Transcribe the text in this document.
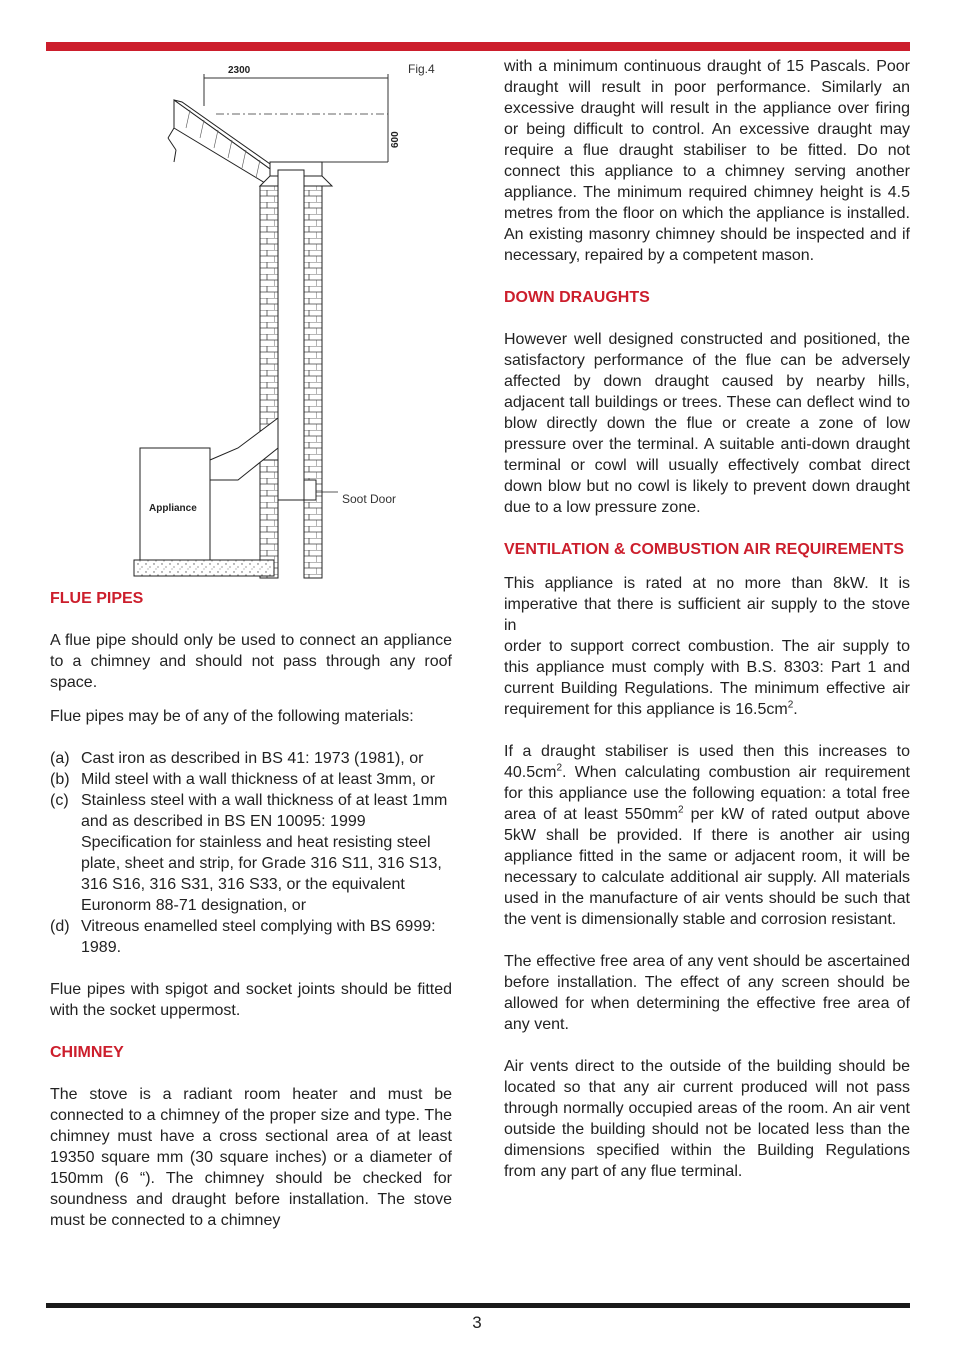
2300	Fig.4
600
Appliance
Soot Door
FLUE PIPES

A flue pipe should only be used to connect an appliance to a chimney and should not pass through any roof space.

Flue pipes may be of any of the following materials:

(a) Cast iron as described in BS 41: 1973 (1981), or
(b) Mild steel with a wall thickness of at least 3mm, or
(c) Stainless steel with a wall thickness of at least 1mm and as described in BS EN 10095: 1999 Specification for stainless and heat resisting steel plate, sheet and strip, for Grade 316 S11, 316 S13, 316 S16, 316 S31, 316 S33, or the equivalent Euronorm 88-71 designation, or
(d) Vitreous enamelled steel complying with BS 6999: 1989.

Flue pipes with spigot and socket joints should be fitted with the socket uppermost.

CHIMNEY

The stove is a radiant room heater and must be connected to a chimney of the proper size and type. The chimney must have a cross sectional area of at least 19350 square mm (30 square inches) or a diameter of 150mm (6 “). The chimney should be checked for soundness and draught before installation. The stove must be connected to a chimney

with a minimum continuous draught of 15 Pascals. Poor draught will result in poor performance. Similarly an excessive draught will result in the appliance over firing or being difficult to control. An excessive draught may require a flue draught stabiliser to be fitted. Do not connect this appliance to a chimney serving another appliance. The minimum required chimney height is 4.5 metres from the floor on which the appliance is installed. An existing masonry chimney should be inspected and if necessary, repaired by a competent mason.

DOWN DRAUGHTS

However well designed constructed and positioned, the satisfactory performance of the flue can be adversely affected by down draught caused by nearby hills, adjacent tall buildings or trees. These can deflect wind to blow directly down the flue or create a zone of low pressure over the terminal. A suitable anti-down draught terminal or cowl will usually effectively combat direct down blow but no cowl is likely to prevent down draught due to a low pressure zone.

VENTILATION & COMBUSTION AIR REQUIREMENTS

This appliance is rated at no more than 8kW. It is imperative that there is sufficient air supply to the stove in
order to support correct combustion. The air supply to this appliance must comply with B.S. 8303: Part 1 and current Building Regulations. The minimum effective air requirement for this appliance is $16.5cm^2$.

If a draught stabiliser is used then this increases to $40.5cm^2$. When calculating combustion air requirement for this appliance use the following equation: a total free area of at least $550mm^2$ per kW of rated output above 5kW shall be provided. If there is another air using appliance fitted in the same or adjacent room, it will be necessary to calculate additional air supply. All materials used in the manufacture of air vents should be such that the vent is dimensionally stable and corrosion resistant.

The effective free area of any vent should be ascertained before installation. The effect of any screen should be allowed for when determining the effective free area of any vent.

Air vents direct to the outside of the building should be located so that any air current produced will not pass through normally occupied areas of the room. An air vent outside the building should not be located less than the dimensions specified within the Building Regulations from any part of any flue terminal.

3
